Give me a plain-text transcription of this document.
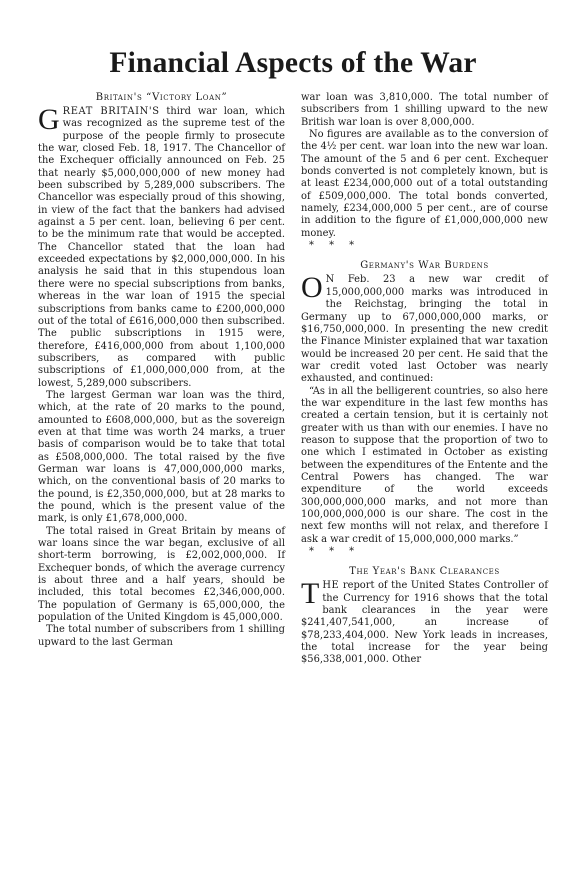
Financial Aspects of the War
Britain's “Victory Loan”

GREAT BRITAIN'S third war loan, which was recognized as the supreme test of the purpose of the people firmly to prosecute the war, closed Feb. 18, 1917. The Chancellor of the Exchequer officially announced on Feb. 25 that nearly $5,000,000,000 of new money had been subscribed by 5,289,000 subscribers. The Chancellor was especially proud of this showing, in view of the fact that the bankers had advised against a 5 per cent. loan, believing 6 per cent. to be the minimum rate that would be accepted. The Chancellor stated that the loan had exceeded expectations by $2,000,000,000. In his analysis he said that in this stupendous loan there were no special subscriptions from banks, whereas in the war loan of 1915 the special subscriptions from banks came to £200,000,000 out of the total of £616,000,000 then subscribed. The public subscriptions in 1915 were, therefore, £416,000,000 from about 1,100,000 subscribers, as compared with public subscriptions of £1,000,000,000 from, at the lowest, 5,289,000 subscribers.

The largest German war loan was the third, which, at the rate of 20 marks to the pound, amounted to £608,000,000, but as the sovereign even at that time was worth 24 marks, a truer basis of comparison would be to take that total as £508,000,000. The total raised by the five German war loans is 47,000,000,000 marks, which, on the conventional basis of 20 marks to the pound, is £2,350,000,000, but at 28 marks to the pound, which is the present value of the mark, is only £1,678,000,000.

The total raised in Great Britain by means of war loans since the war began, exclusive of all short-term borrowing, is £2,002,000,000. If Exchequer bonds, of which the average currency is about three and a half years, should be included, this total becomes £2,346,000,000. The population of Germany is 65,000,000, the population of the United Kingdom is 45,000,000.

The total number of subscribers from 1 shilling upward to the last German

war loan was 3,810,000. The total number of subscribers from 1 shilling upward to the new British war loan is over 8,000,000.

No figures are available as to the conversion of the 4½ per cent. war loan into the new war loan. The amount of the 5 and 6 per cent. Exchequer bonds converted is not completely known, but is at least £234,000,000 out of a total outstanding of £509,000,000. The total bonds converted, namely, £234,000,000 5 per cent., are of course in addition to the figure of £1,000,000,000 new money.

* * *

Germany's War Burdens

O N Feb. 23 a new war credit of 15,000,000,000 marks was introduced in the Reichstag, bringing the total in Germany up to 67,000,000,000 marks, or $16,750,000,000. In presenting the new credit the Finance Minister explained that war taxation would be increased 20 per cent. He said that the war credit voted last October was nearly exhausted, and continued:

“As in all the belligerent countries, so also here the war expenditure in the last few months has created a certain tension, but it is certainly not greater with us than with our enemies. I have no reason to suppose that the proportion of two to one which I estimated in October as existing between the expenditures of the Entente and the Central Powers has changed. The war expenditure of the world exceeds 300,000,000,000 marks, and not more than 100,000,000,000 is our share. The cost in the next few months will not relax, and therefore I ask a war credit of 15,000,000,000 marks.”

* * *

The Year's Bank Clearances

THE report of the United States Controller of the Currency for 1916 shows that the total bank clearances in the year were $241,407,541,000, an increase of $78,233,404,000. New York leads in increases, the total increase for the year being $56,338,001,000. Other
